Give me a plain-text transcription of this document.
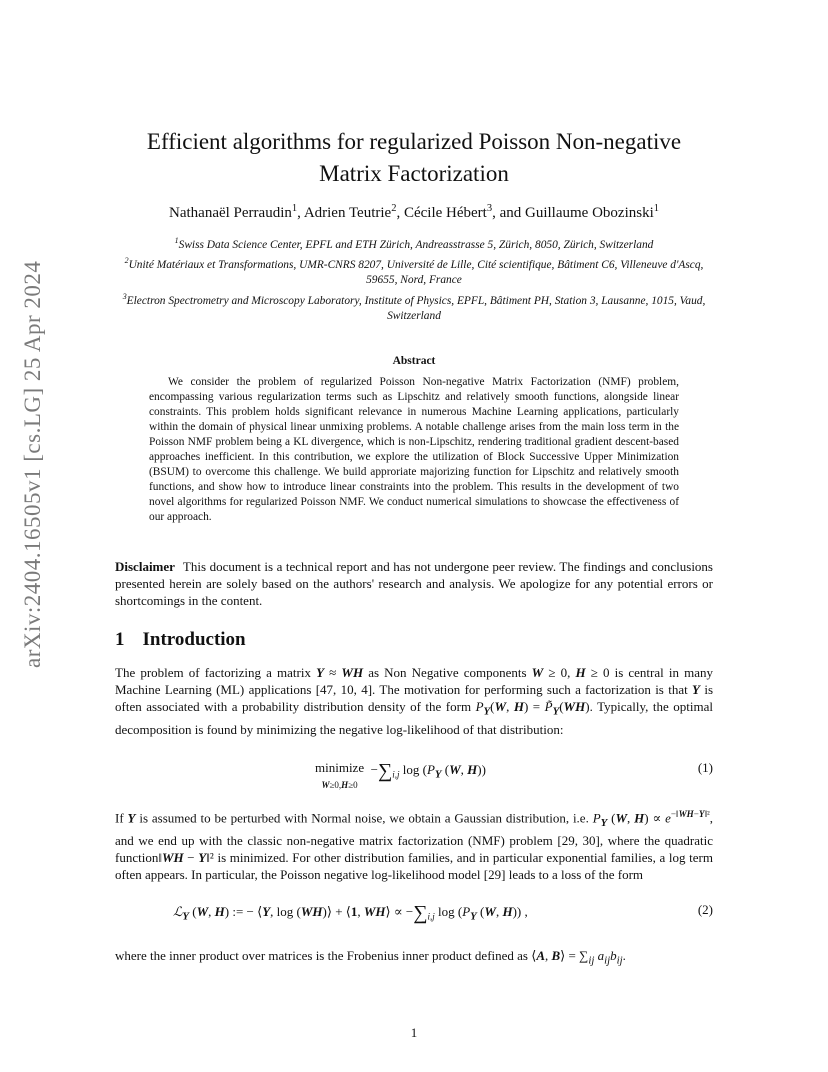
arXiv:2404.16505v1 [cs.LG] 25 Apr 2024
Efficient algorithms for regularized Poisson Non-negative
Matrix Factorization
Nathanaël Perraudin$^1$, Adrien Teutrie$^2$, Cécile Hébert$^3$, and Guillaume Obozinski$^1$

$^1$Swiss Data Science Center, EPFL and ETH Zürich, Andreasstrasse 5, Zürich, 8050, Zürich, Switzerland

$^2$Unité Matériaux et Transformations, UMR-CNRS 8207, Université de Lille, Cité scientifique, Bâtiment C6, Villeneuve d'Ascq, 59655, Nord, France

$^3$Electron Spectrometry and Microscopy Laboratory, Institute of Physics, EPFL, Bâtiment PH, Station 3, Lausanne, 1015, Vaud, Switzerland

Abstract
We consider the problem of regularized Poisson Non-negative Matrix Factorization (NMF) problem, encompassing various regularization terms such as Lipschitz and relatively smooth functions, alongside linear constraints. This problem holds significant relevance in numerous Machine Learning applications, particularly within the domain of physical linear unmixing problems. A notable challenge arises from the main loss term in the Poisson NMF problem being a KL divergence, which is non-Lipschitz, rendering traditional gradient descent-based approaches inefficient. In this contribution, we explore the utilization of Block Successive Upper Minimization (BSUM) to overcome this challenge. We build approriate majorizing function for Lipschitz and relatively smooth functions, and show how to introduce linear constraints into the problem. This results in the development of two novel algorithms for regularized Poisson NMF. We conduct numerical simulations to showcase the effectiveness of our approach.
Disclaimer This document is a technical report and has not undergone peer review. The findings and conclusions presented herein are solely based on the authors' research and analysis. We apologize for any potential errors or shortcomings in the content.
1 Introduction
The problem of factorizing a matrix Y ≈ WH as Non Negative components W ≥ 0, H ≥ 0 is central in many Machine Learning (ML) applications [47, 10, 4]. The motivation for performing such a factorization is that Y is often associated with a probability distribution density of the form $P_Y(W$, $H) = P̃_Y(WH)$. Typically, the optimal decomposition is found by minimizing the negative log-likelihood of that distribution:
minimize
$W\ge 0,H\ge 0 -\sum_{i,j}$ $\log (P_Y$ (W, H))	(1)
If Y is assumed to be perturbed with Normal noise, we obtain a Gaussian distribution, i.e. $P_Y$ (W, $H) \propto e^{-‖WH-Y‖^2}$, and we end up with the classic non-negative matrix factorization (NMF) problem [29, 30], where the quadratic function‖WH − Y‖² is minimized. For other distribution families, and in particular exponential families, a log term often appears. In particular, the Poisson negative log-likelihood model [29] leads to a loss of the form
ℒ$_Y$ (W, H) := − ⟨Y, log (WH)⟩ + ⟨1, WH⟩ ∝ $-\sum_{i,j}$ $\log (P_Y$ (W, H)) ,	(2)
where the inner product over matrices is the Frobenius inner product defined as ⟨A, B⟩ = $\sum_{ij}$ $a_{ij}b_{ij}$.
1
